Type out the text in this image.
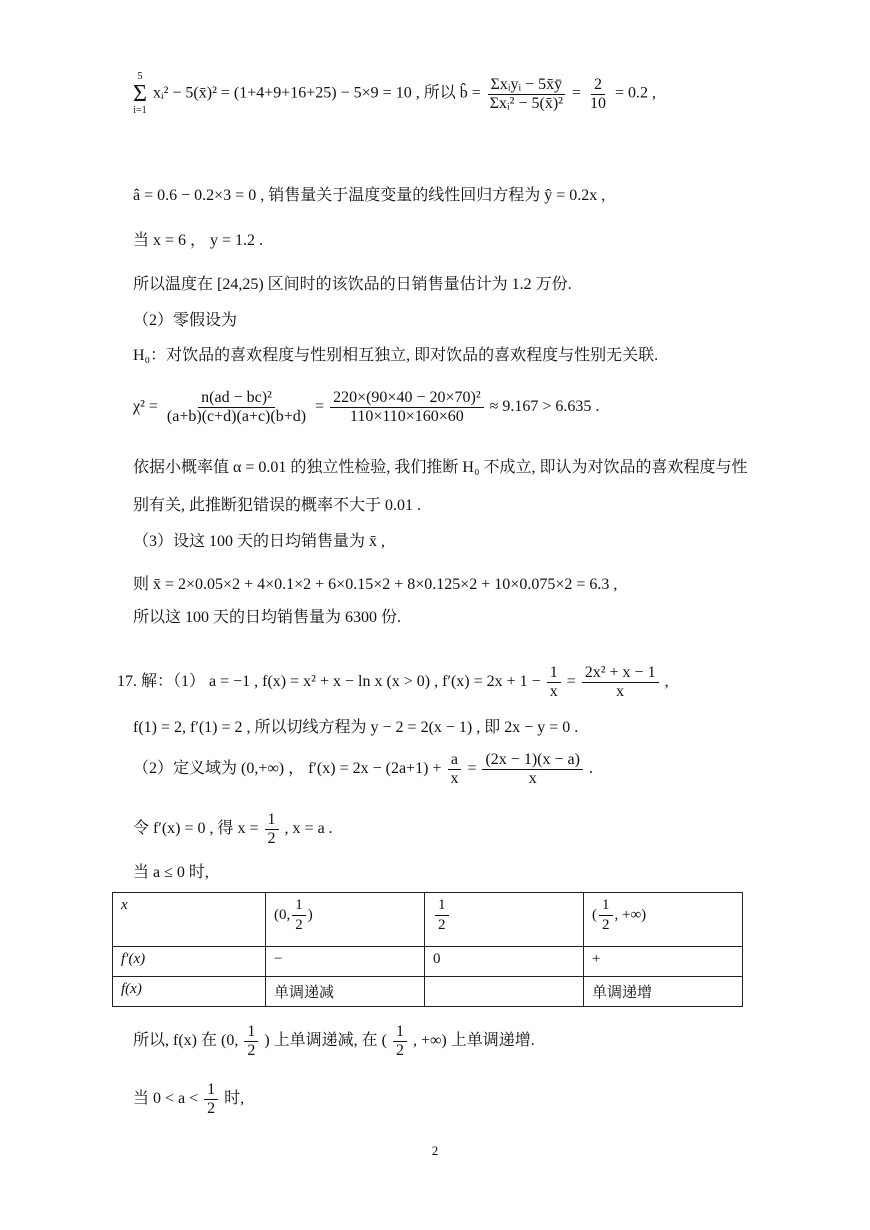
5
Σ
i=1
xᵢ² − 5(x̄)² = (1+4+9+16+25) − 5×9 = 10 , 所以 b̂ = $\frac{\text{Σxᵢyᵢ − 5x̄ȳ}}{\text{Σxᵢ² − 5(x̄)²}} = \frac{2}{10} = 0.2$ ,
â = 0.6 − 0.2×3 = 0 , 销售量关于温度变量的线性回归方程为 ŷ = 0.2x ,
当 x = 6 ， y = 1.2 .
所以温度在 [24,25) 区间时的该饮品的日销售量估计为 1.2 万份.
（2）零假设为
H₀：对饮品的喜欢程度与性别相互独立, 即对饮品的喜欢程度与性别无关联.
$\chi^2 = \frac{\text{n(ad − bc)²}}{(a+b)(c+d)(a+c)(b+d)} = \frac{\text{220×(90×40 − 20×70)²}}{110\times 110\times 160\times 60} \approx 9.167 > 6.635$ .
依据小概率值 α = 0.01 的独立性检验, 我们推断 H₀ 不成立, 即认为对饮品的喜欢程度与性
别有关, 此推断犯错误的概率不大于 0.01 .
（3）设这 100 天的日均销售量为 x̄ ,
则 x̄ = 2×0.05×2 + 4×0.1×2 + 6×0.15×2 + 8×0.125×2 + 10×0.075×2 = 6.3 ,
所以这 100 天的日均销售量为 6300 份.
17. 解：（1） a = −1 , f(x) = x² + x − ln x (x > 0) , $f'(x) = 2x + 1 - \frac{1}{x} = \frac{\text{2x² + x − 1}}{x}$ ,
f(1) = 2, f′(1) = 2 , 所以切线方程为 y − 2 = 2(x − 1) , 即 2x − y = 0 .
（2）定义域为 (0,+∞) ， $f'(x) = 2x - (2a+1) + \frac{a}{x} = \frac{(2x - 1)(x - a)}{x}$ .
令 f′(x) = 0 , 得 $x = \frac{1}{2}$ , x = a .
当 a ≤ 0 时,
x	(0, $\frac{1}{2}$ )	$\frac{1}{2}$	( $\frac{1}{2}$ , +∞)
f′(x)	−	0	+
f(x)	单调递减		单调递增
所以, f(x) 在 (0, $\frac{1}{2}$ ) 上单调递减, 在 ( $\frac{1}{2}$ , +∞) 上单调递增.
当 $0 < a < \frac{1}{2}$ 时,
2
